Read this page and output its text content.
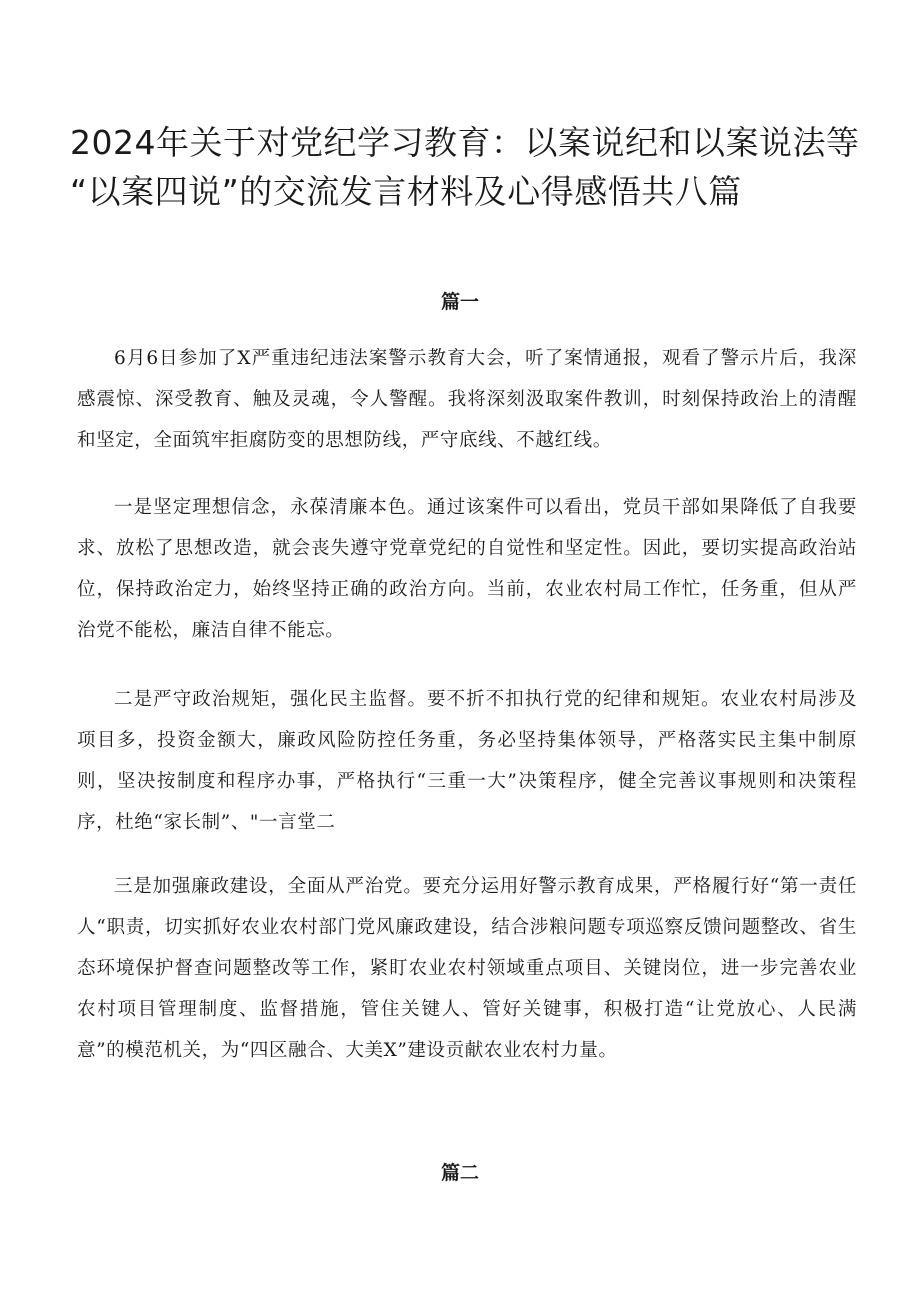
2024年关于对党纪学习教育：以案说纪和以案说法等
“以案四说”的交流发言材料及心得感悟共八篇
篇一

6月6日参加了X严重违纪违法案警示教育大会，听了案情通报，观看了警示片后，我深感震惊、深受教育、触及灵魂，令人警醒。我将深刻汲取案件教训，时刻保持政治上的清醒和坚定，全面筑牢拒腐防变的思想防线，严守底线、不越红线。

一是坚定理想信念，永葆清廉本色。通过该案件可以看出，党员干部如果降低了自我要求、放松了思想改造，就会丧失遵守党章党纪的自觉性和坚定性。因此，要切实提高政治站位，保持政治定力，始终坚持正确的政治方向。当前，农业农村局工作忙，任务重，但从严治党不能松，廉洁自律不能忘。

二是严守政治规矩，强化民主监督。要不折不扣执行党的纪律和规矩。农业农村局涉及项目多，投资金额大，廉政风险防控任务重，务必坚持集体领导，严格落实民主集中制原则，坚决按制度和程序办事，严格执行“三重一大”决策程序，健全完善议事规则和决策程序，杜绝“家长制”、"一言堂二

三是加强廉政建设，全面从严治党。要充分运用好警示教育成果，严格履行好“第一责任人“职责，切实抓好农业农村部门党风廉政建设，结合涉粮问题专项巡察反馈问题整改、省生态环境保护督查问题整改等工作，紧盯农业农村领域重点项目、关键岗位，进一步完善农业农村项目管理制度、监督措施，管住关键人、管好关键事，积极打造“让党放心、人民满意”的模范机关，为“四区融合、大美X”建设贡献农业农村力量。

篇二
